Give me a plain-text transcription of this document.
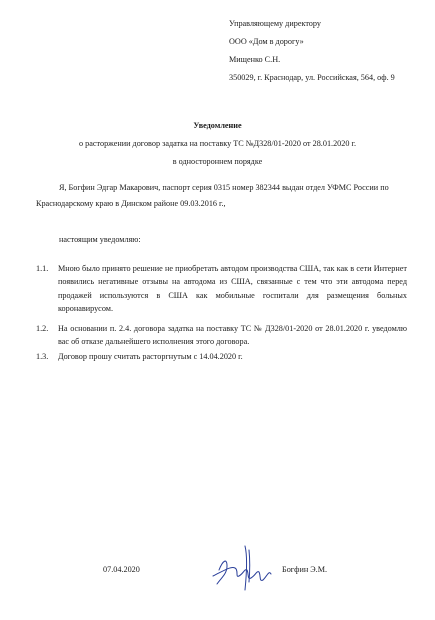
Управляющему директору
ООО «Дом в дорогу»
Мищенко С.Н.
350029, г. Краснодар, ул. Российская, 564, оф. 9
Уведомление
о расторжении договор задатка на поставку ТС №Д328/01-2020 от 28.01.2020 г.
в одностороннем порядке
Я, Богфин Эдгар Макарович, паспорт серия 0315 номер 382344 выдан отдел УФМС России по
Краснодарскому краю в Динском районе 09.03.2016 г.,
настоящим уведомляю:
1.1. Мною было принято решение не приобретать автодом производства США, так как в сети Интернет появились негативные отзывы на автодома из США, связанные с тем что эти автодома перед продажей используются в США как мобильные госпитали для размещения больных коронавирусом.
1.2. На основании п. 2.4. договора задатка на поставку ТС № Д328/01-2020 от 28.01.2020 г. уведомлю вас об отказе дальнейшего исполнения этого договора.
1.3. Договор прошу считать расторгнутым с 14.04.2020 г.
07.04.2020	Богфин Э.М.
